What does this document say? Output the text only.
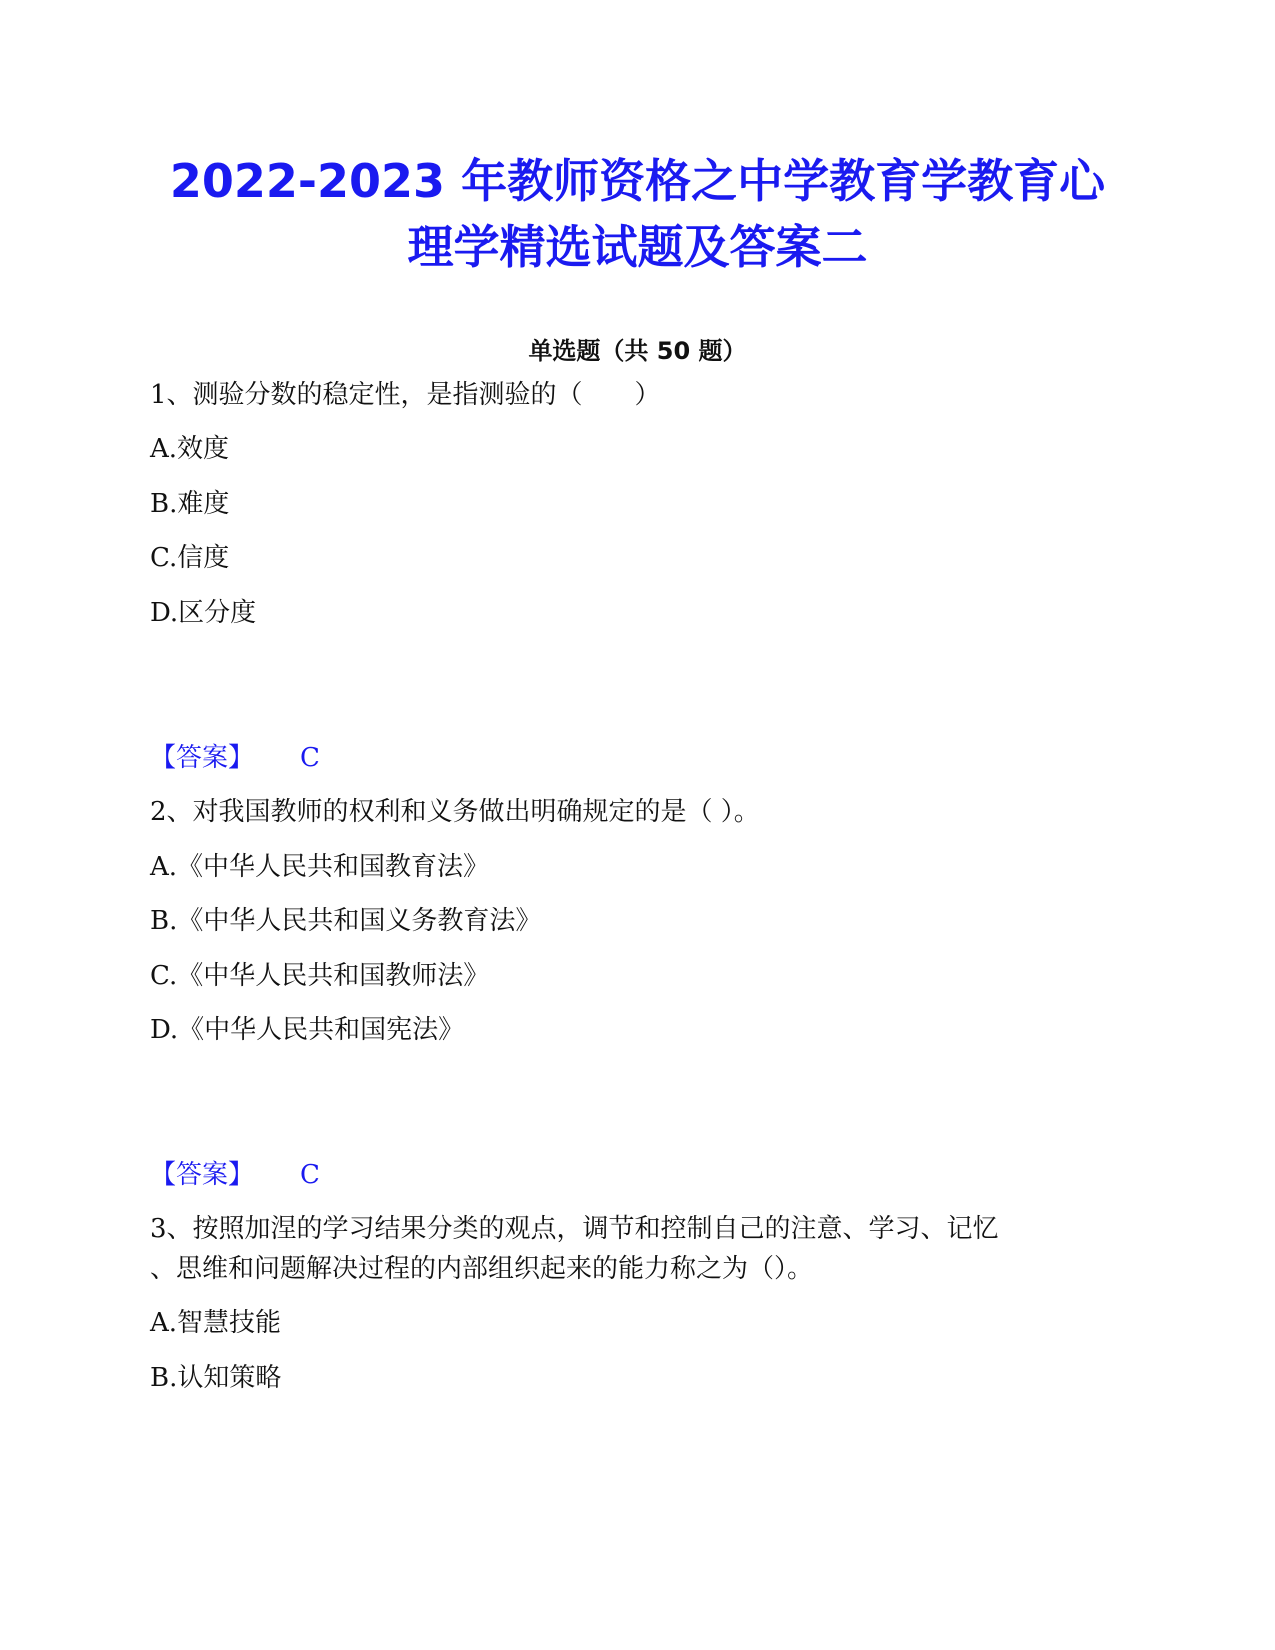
2022-2023 年教师资格之中学教育学教育心
理学精选试题及答案二
单选题（共 50 题）
1、测验分数的稳定性，是指测验的（　　）
A.效度
B.难度
C.信度
D.区分度
【答案】 C
2、对我国教师的权利和义务做出明确规定的是（ ）。
A.《中华人民共和国教育法》
B.《中华人民共和国义务教育法》
C.《中华人民共和国教师法》
D.《中华人民共和国宪法》
【答案】 C
3、按照加涅的学习结果分类的观点，调节和控制自己的注意、学习、记忆
、思维和问题解决过程的内部组织起来的能力称之为（）。
A.智慧技能
B.认知策略
